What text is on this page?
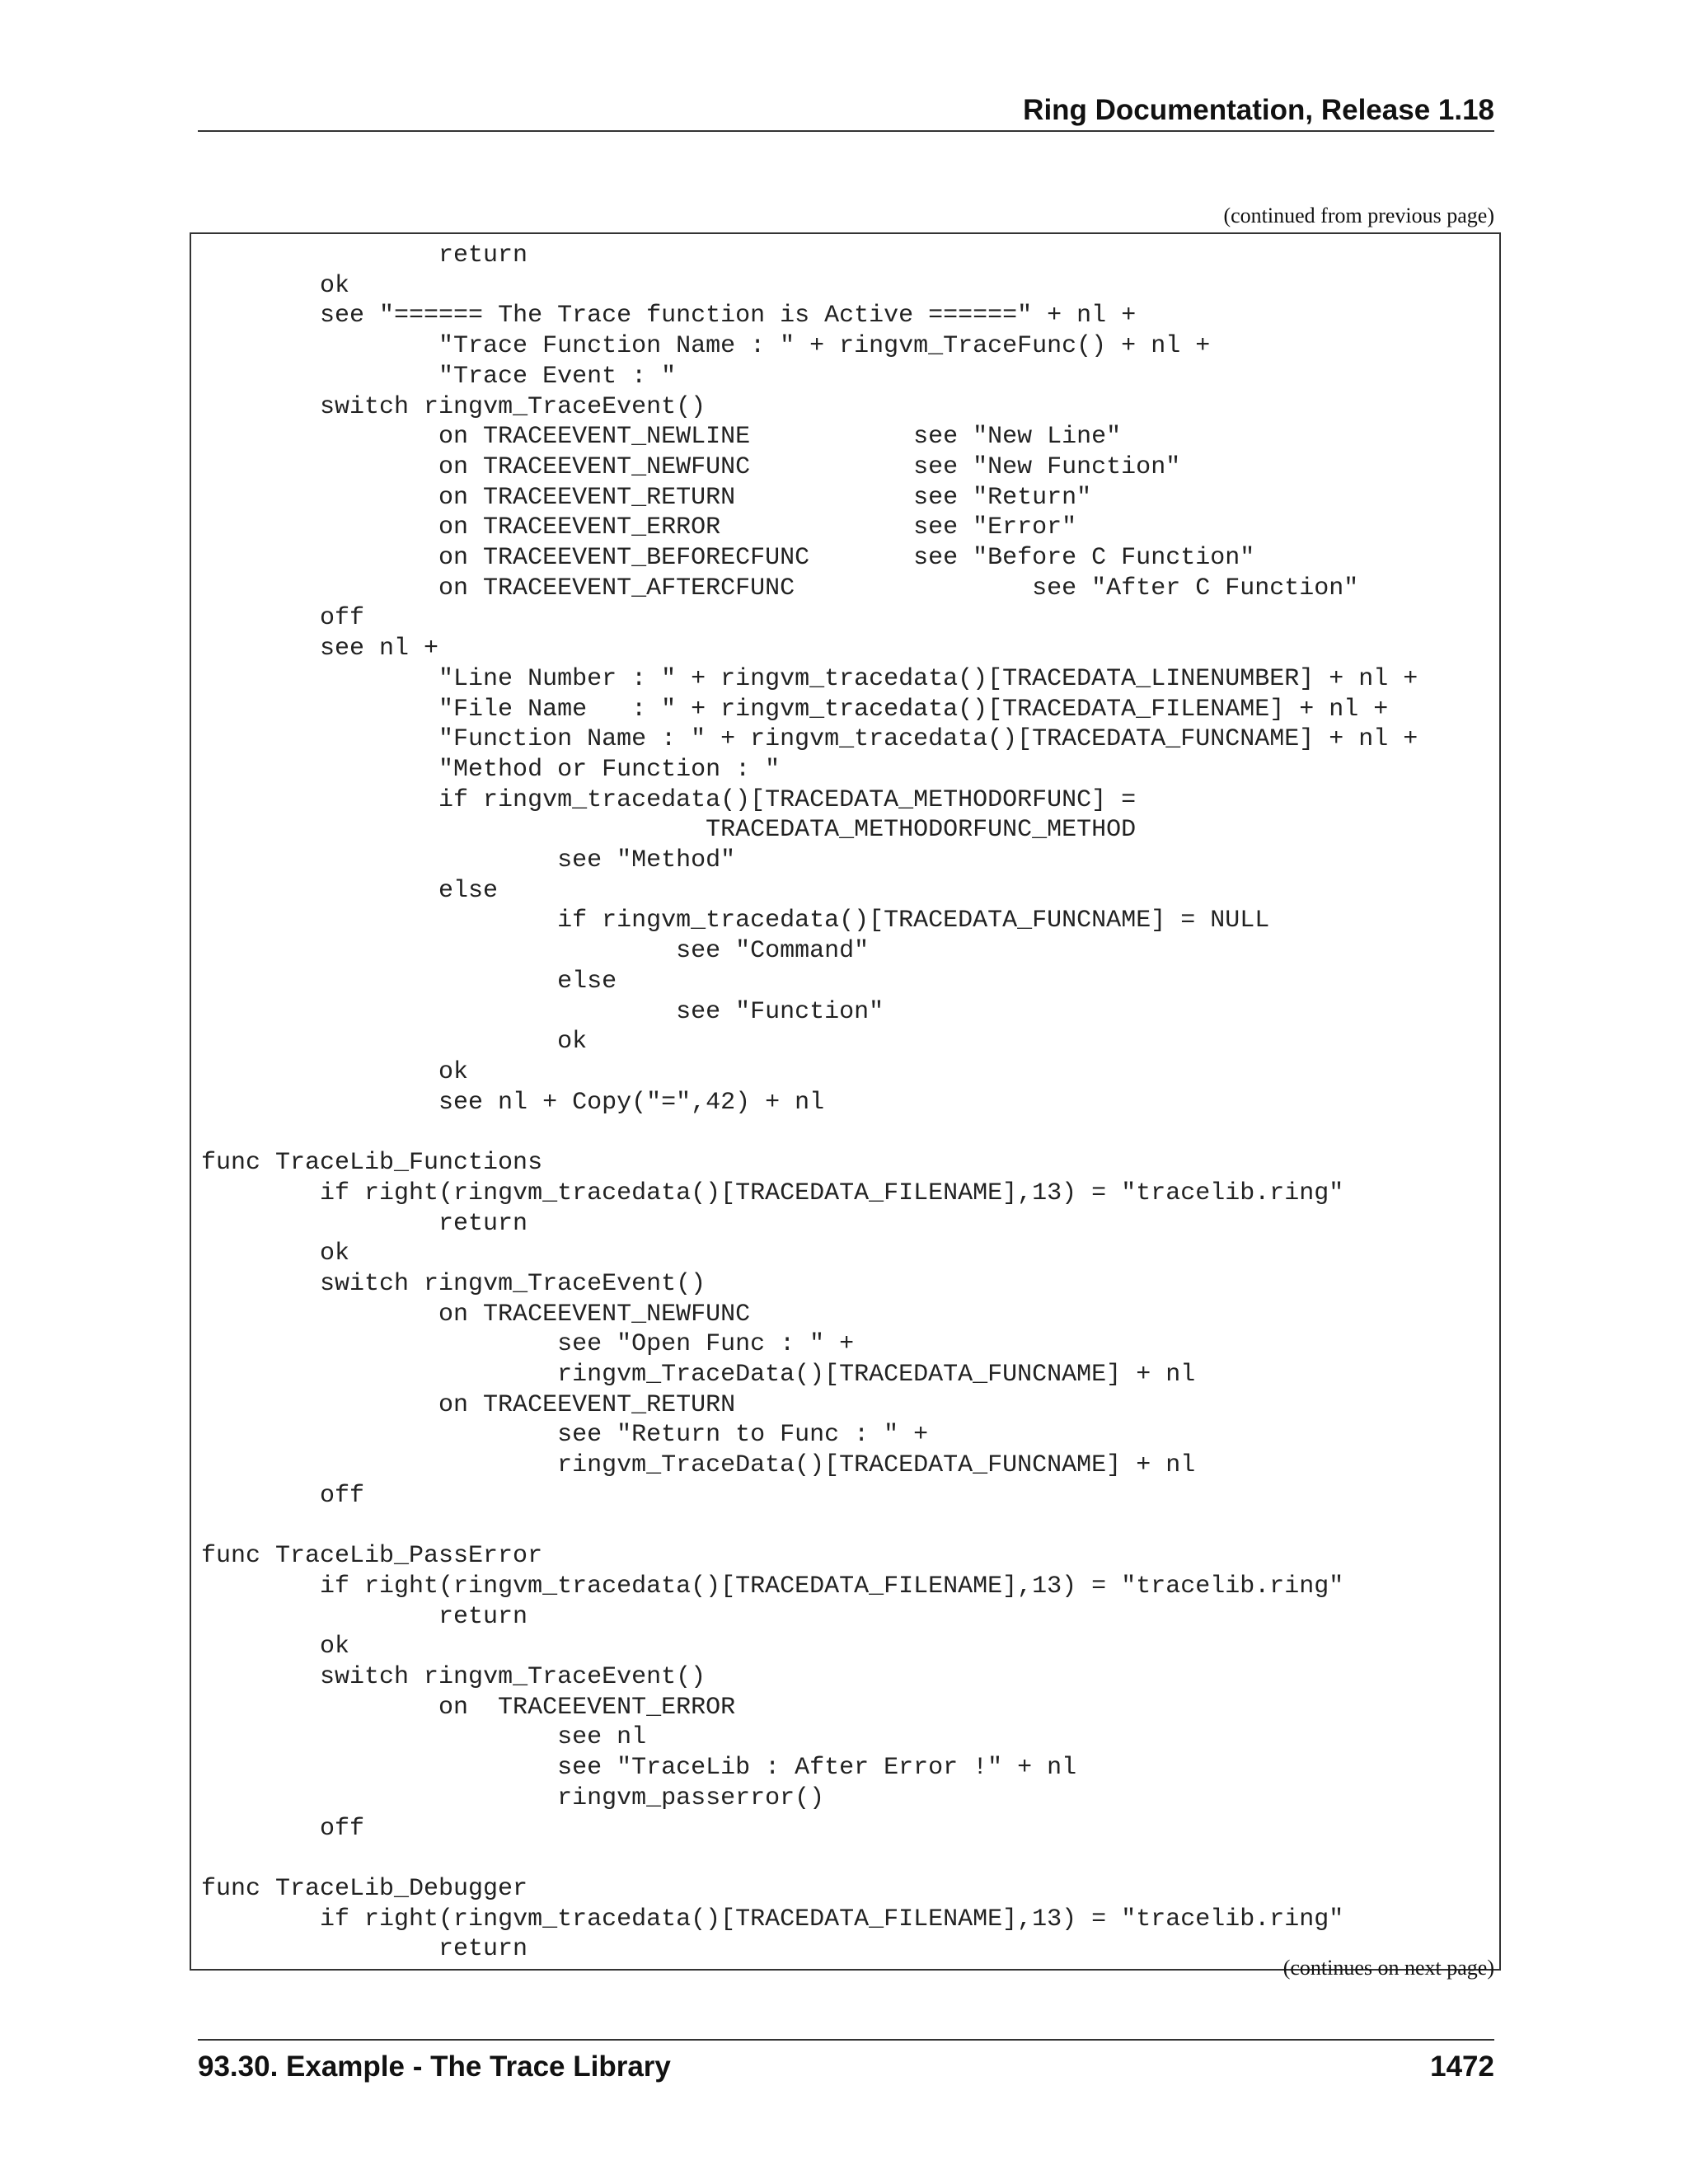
Ring Documentation, Release 1.18
(continued from previous page)
		return
	ok
	see "====== The Trace function is Active ======" + nl +
		"Trace Function Name : " + ringvm_TraceFunc() + nl +
		"Trace Event : "
	switch ringvm_TraceEvent()
		on TRACEEVENT_NEWLINE		see "New Line"
		on TRACEEVENT_NEWFUNC		see "New Function"
		on TRACEEVENT_RETURN		see "Return"
		on TRACEEVENT_ERROR		see "Error"
		on TRACEEVENT_BEFORECFUNC	see "Before C Function"
		on TRACEEVENT_AFTERCFUNC		see "After C Function"
	off
	see nl +
		"Line Number : " + ringvm_tracedata()[TRACEDATA_LINENUMBER] + nl +
		"File Name   : " + ringvm_tracedata()[TRACEDATA_FILENAME] + nl +
		"Function Name : " + ringvm_tracedata()[TRACEDATA_FUNCNAME] + nl +
		"Method or Function : "
		if ringvm_tracedata()[TRACEDATA_METHODORFUNC] =
				TRACEDATA_METHODORFUNC_METHOD
			see "Method"
		else
			if ringvm_tracedata()[TRACEDATA_FUNCNAME] = NULL
				see "Command"
			else
				see "Function"
			ok
		ok
		see nl + Copy("=",42) + nl

func TraceLib_Functions
	if right(ringvm_tracedata()[TRACEDATA_FILENAME],13) = "tracelib.ring"
		return
	ok
	switch ringvm_TraceEvent()
		on TRACEEVENT_NEWFUNC
			see "Open Func : " +
			ringvm_TraceData()[TRACEDATA_FUNCNAME] + nl
		on TRACEEVENT_RETURN
			see "Return to Func : " +
			ringvm_TraceData()[TRACEDATA_FUNCNAME] + nl
	off

func TraceLib_PassError
	if right(ringvm_tracedata()[TRACEDATA_FILENAME],13) = "tracelib.ring"
		return
	ok
	switch ringvm_TraceEvent()
		on  TRACEEVENT_ERROR
			see nl
			see "TraceLib : After Error !" + nl
			ringvm_passerror()
	off

func TraceLib_Debugger
	if right(ringvm_tracedata()[TRACEDATA_FILENAME],13) = "tracelib.ring"
		return
(continues on next page)
93.30. Example - The Trace Library	1472
